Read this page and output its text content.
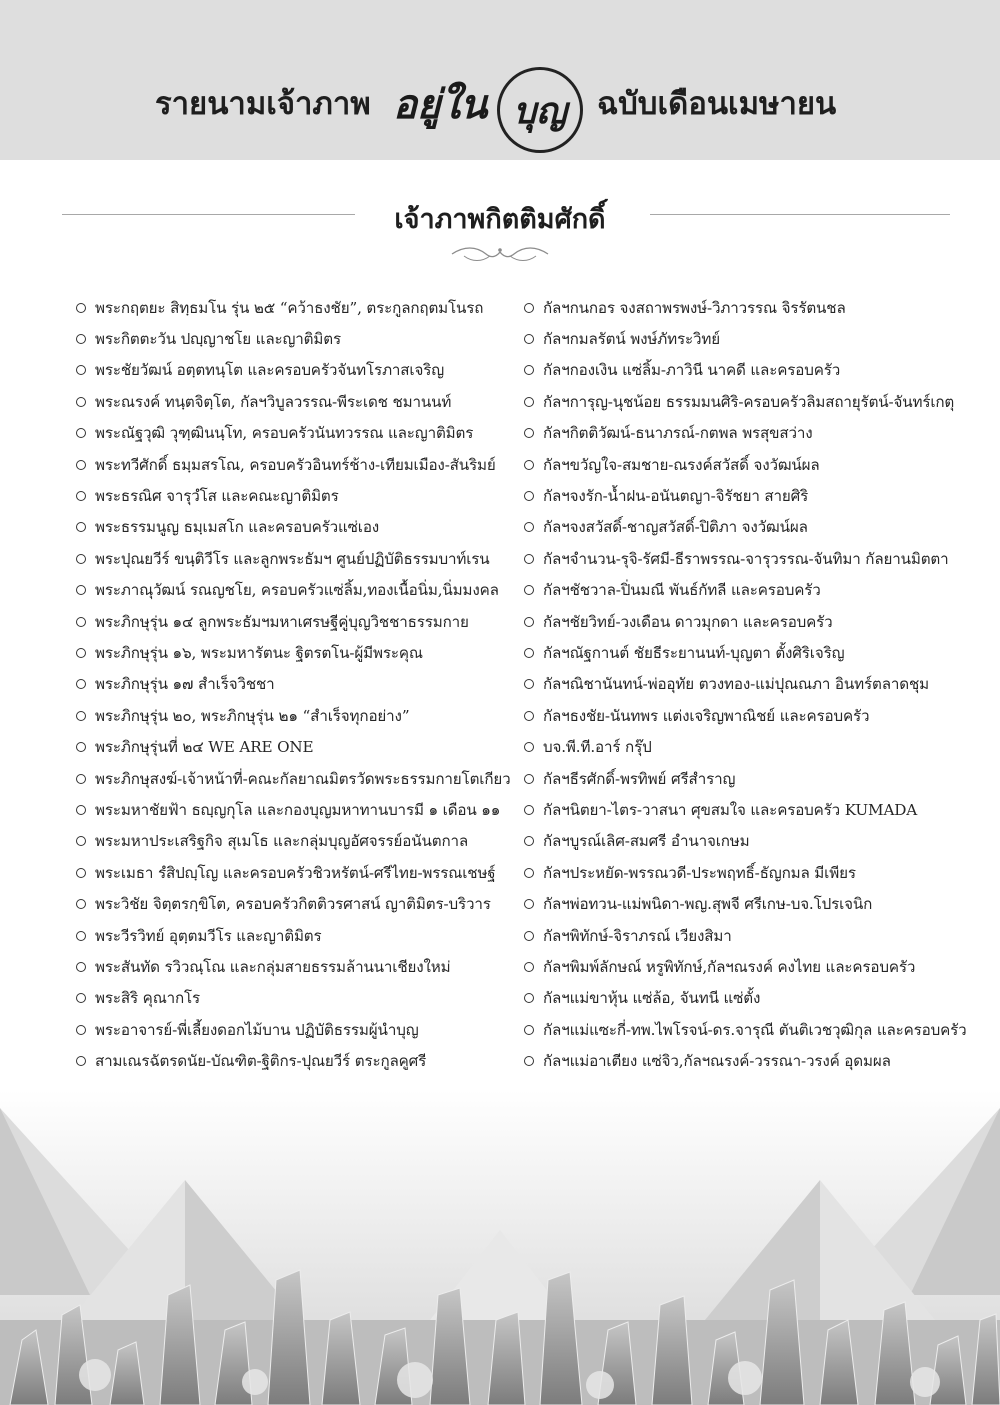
รายนามเจ้าภาพ อยู่ใน บุญ ฉบับเดือนเมษายน
เจ้าภาพกิตติมศักดิ์
พระกฤตยะ สิทฺธมโน รุ่น ๒๕ “คว้าธงชัย”, ตระกูลกฤตมโนรถ
พระกิตตะวัน ปญฺญาชโย และญาติมิตร
พระชัยวัฒน์ อตฺตทนฺโต และครอบครัวจันทโรภาสเจริญ
พระณรงค์ ทนฺตจิตฺโต, กัลฯวิบูลวรรณ-พีระเดช ชมานนท์
พระณัฐวุฒิ วุฑฺฒินนฺโท, ครอบครัวนันทวรรณ และญาติมิตร
พระทวีศักดิ์ ธมฺมสรโณ, ครอบครัวอินทร์ช้าง-เทียมเมือง-สันริมย์
พระธรณิศ จารุวํโส และคณะญาติมิตร
พระธรรมนูญ ธมฺเมสโก และครอบครัวแซ่เอง
พระปุณยวีร์ ขนฺติวีโร และลูกพระธัมฯ ศูนย์ปฏิบัติธรรมบาท์เรน
พระภาณุวัฒน์ รณญชโย, ครอบครัวแซ่ลิ้ม,ทองเนื้อนิ่ม,นิ่มมงคล
พระภิกษุรุ่น ๑๔ ลูกพระธัมฯมหาเศรษฐีคู่บุญวิชชาธรรมกาย
พระภิกษุรุ่น ๑๖, พระมหารัตนะ ฐิตรตโน-ผู้มีพระคุณ
พระภิกษุรุ่น ๑๗ สำเร็จวิชชา
พระภิกษุรุ่น ๒๐, พระภิกษุรุ่น ๒๑ “สำเร็จทุกอย่าง”
พระภิกษุรุ่นที่ ๒๔ WE ARE ONE
พระภิกษุสงฆ์-เจ้าหน้าที่-คณะกัลยาณมิตรวัดพระธรรมกายโตเกียว
พระมหาชัยฟ้า ธญฺญกุโล และกองบุญมหาทานบารมี ๑ เดือน ๑๑
พระมหาประเสริฐกิจ สุเมโธ และกลุ่มบุญอัศจรรย์อนันตกาล
พระเมธา รํสิปญฺโญ และครอบครัวชิวหรัตน์-ศรีไทย-พรรณเชษฐ์
พระวิชัย จิตฺตรกฺขิโต, ครอบครัวกิตติวรศาสน์ ญาติมิตร-บริวาร
พระวีรวิทย์ อุตฺตมวีโร และญาติมิตร
พระสันทัด รวิวณฺโณ และกลุ่มสายธรรมล้านนาเชียงใหม่
พระสิริ คุณากโร
พระอาจารย์-พี่เลี้ยงดอกไม้บาน ปฏิบัติธรรมผู้นำบุญ
สามเณรฉัตรดนัย-บัณฑิต-ฐิติกร-ปุณยวีร์ ตระกูลคูศรี
กัลฯกนกอร จงสถาพรพงษ์-วิภาวรรณ จิรรัตนชล
กัลฯกมลรัตน์ พงษ์ภัทระวิทย์
กัลฯกองเงิน แซ่ลิ้ม-ภาวินี นาคดี และครอบครัว
กัลฯการุญ-นุชน้อย ธรรมมนศิริ-ครอบครัวลิมสถายุรัตน์-จันทร์เกตุ
กัลฯกิตติวัฒน์-ธนาภรณ์-กตพล พรสุขสว่าง
กัลฯขวัญใจ-สมชาย-ณรงค์สวัสดิ์ จงวัฒน์ผล
กัลฯจงรัก-น้ำฝน-อนันตญา-จิรัชยา สายศิริ
กัลฯจงสวัสดิ์-ชาญสวัสดิ์-ปิติภา จงวัฒน์ผล
กัลฯจำนวน-รุจิ-รัศมี-ธีราพรรณ-จารุวรรณ-จันทิมา กัลยานมิตตา
กัลฯชัชวาล-ปิ่นมณี พันธ์กัทลี และครอบครัว
กัลฯชัยวิทย์-วงเดือน ดาวมุกดา และครอบครัว
กัลฯณัฐกานต์ ชัยธีระยานนท์-บุญตา ตั้งศิริเจริญ
กัลฯณิชานันทน์-พ่ออุทัย ตวงทอง-แม่ปุณณภา อินทร์ตลาดชุม
กัลฯธงชัย-นันทพร แต่งเจริญพาณิชย์ และครอบครัว
บจ.พี.ที.อาร์ กรุ๊ป
กัลฯธีรศักดิ์-พรทิพย์ ศรีสำราญ
กัลฯนิตยา-ไตร-วาสนา ศุขสมใจ และครอบครัว KUMADA
กัลฯบูรณ์เลิศ-สมศรี อำนาจเกษม
กัลฯประหยัด-พรรณวดี-ประพฤทธิ์-ธัญกมล มีเพียร
กัลฯพ่อทวน-แม่พนิดา-พญ.สุพจี ศรีเกษ-บจ.โปรเจนิก
กัลฯพิทักษ์-จิราภรณ์ เวียงสิมา
กัลฯพิมพ์ลักษณ์ หรูพิทักษ์,กัลฯณรงค์ คงไทย และครอบครัว
กัลฯแม่ขาหุ้น แซ่ล้อ, จันทนี แซ่ตั้ง
กัลฯแม่แซะกี่-ทพ.ไพโรจน์-ดร.จารุณี ตันติเวชวุฒิกุล และครอบครัว
กัลฯแม่อาเตียง แซ่จิว,กัลฯณรงค์-วรรณา-วรงค์ อุดมผล
